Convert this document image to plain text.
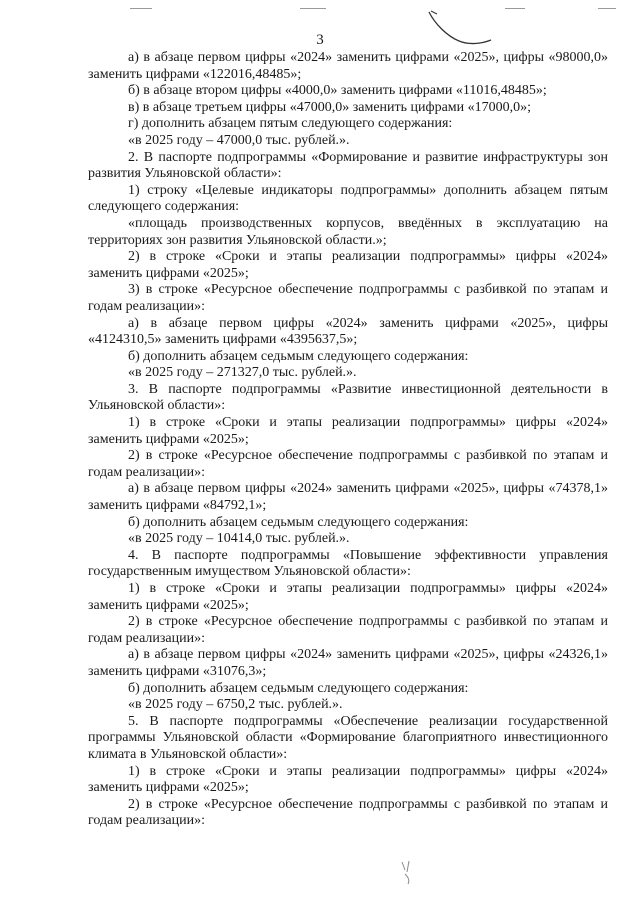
3

а) в абзаце первом цифры «2024» заменить цифрами «2025», цифры «98000,0» заменить цифрами «122016,48485»;

б) в абзаце втором цифры «4000,0» заменить цифрами «11016,48485»;

в) в абзаце третьем цифры «47000,0» заменить цифрами «17000,0»;

г) дополнить абзацем пятым следующего содержания:

«в 2025 году – 47000,0 тыс. рублей.».

2. В паспорте подпрограммы «Формирование и развитие инфраструктуры зон развития Ульяновской области»:

1) строку «Целевые индикаторы подпрограммы» дополнить абзацем пятым следующего содержания:

«площадь производственных корпусов, введённых в эксплуатацию на территориях зон развития Ульяновской области.»;

2) в строке «Сроки и этапы реализации подпрограммы» цифры «2024» заменить цифрами «2025»;

3) в строке «Ресурсное обеспечение подпрограммы с разбивкой по этапам и годам реализации»:

а) в абзаце первом цифры «2024» заменить цифрами «2025», цифры «4124310,5» заменить цифрами «4395637,5»;

б) дополнить абзацем седьмым следующего содержания:

«в 2025 году – 271327,0 тыс. рублей.».

3. В паспорте подпрограммы «Развитие инвестиционной деятельности в Ульяновской области»:

1) в строке «Сроки и этапы реализации подпрограммы» цифры «2024» заменить цифрами «2025»;

2) в строке «Ресурсное обеспечение подпрограммы с разбивкой по этапам и годам реализации»:

а) в абзаце первом цифры «2024» заменить цифрами «2025», цифры «74378,1» заменить цифрами «84792,1»;

б) дополнить абзацем седьмым следующего содержания:

«в 2025 году – 10414,0 тыс. рублей.».

4. В паспорте подпрограммы «Повышение эффективности управления государственным имуществом Ульяновской области»:

1) в строке «Сроки и этапы реализации подпрограммы» цифры «2024» заменить цифрами «2025»;

2) в строке «Ресурсное обеспечение подпрограммы с разбивкой по этапам и годам реализации»:

а) в абзаце первом цифры «2024» заменить цифрами «2025», цифры «24326,1» заменить цифрами «31076,3»;

б) дополнить абзацем седьмым следующего содержания:

«в 2025 году – 6750,2 тыс. рублей.».

5. В паспорте подпрограммы «Обеспечение реализации государственной программы Ульяновской области «Формирование благоприятного инвестиционного климата в Ульяновской области»:

1) в строке «Сроки и этапы реализации подпрограммы» цифры «2024» заменить цифрами «2025»;

2) в строке «Ресурсное обеспечение подпрограммы с разбивкой по этапам и годам реализации»:
